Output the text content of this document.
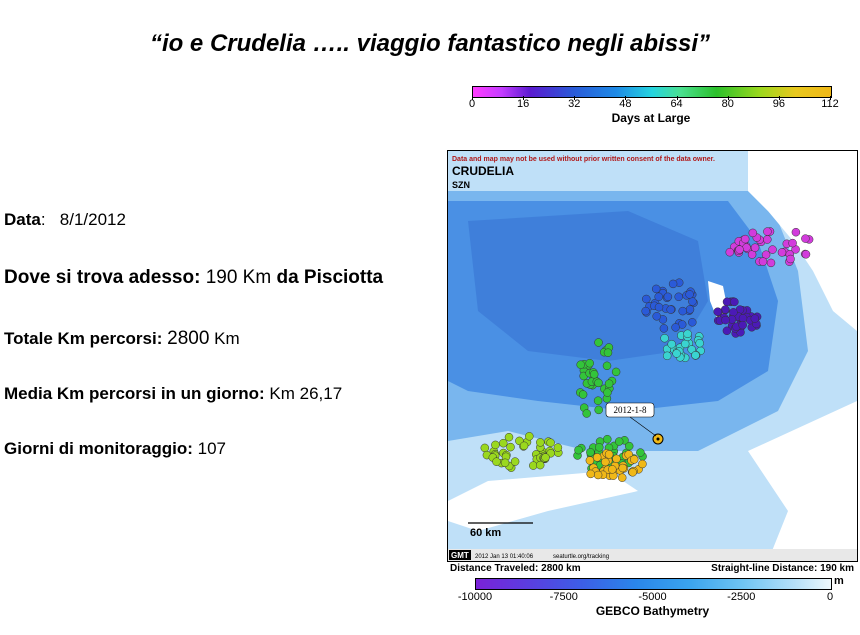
“io e Crudelia ….. viaggio fantastico negli abissi”
Data:   8/1/2012
Dove si trova adesso: 190 Km da Pisciotta
Totale Km percorsi: 2800 Km
Media Km percorsi in un giorno: Km 26,17
Giorni di monitoraggio: 107
0	16	32	48	64	80	96	112
Days at Large
2012-1-8
Data and map may not be used without prior written consent of the data owner.
CRUDELIA
SZN
60 km
GMT 2012 Jan 13 01:40:06	seaturtle.org/tracking
Distance Traveled: 2800 km	Straight-line Distance: 190 km
m
-10000	-7500	-5000	-2500	0
GEBCO Bathymetry
